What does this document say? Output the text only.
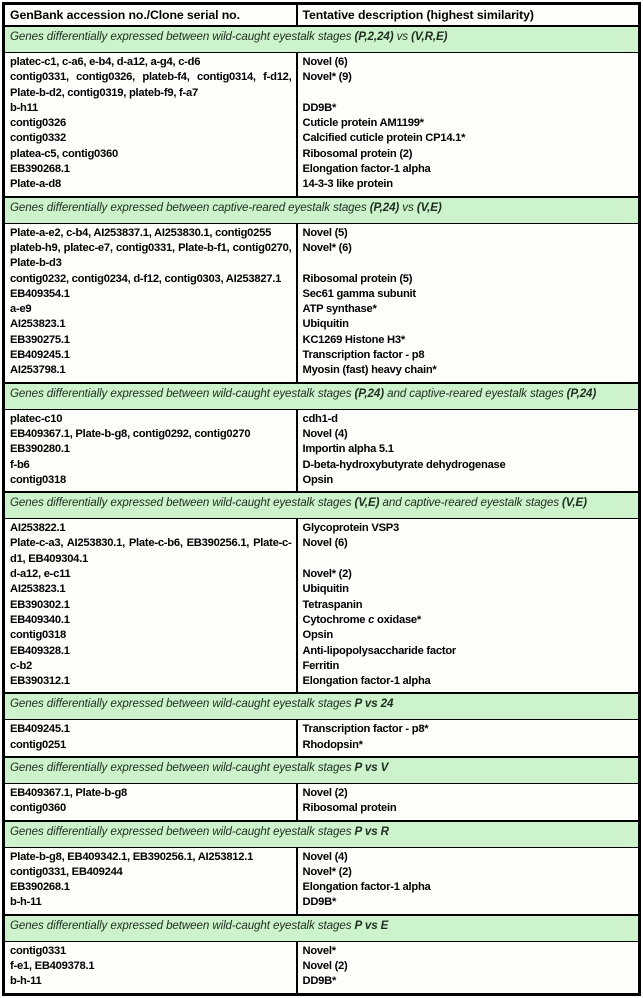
GenBank accession no./Clone serial no.	Tentative description (highest similarity)
Genes differentially expressed between wild-caught eyestalk stages (P,2,24) vs (V,R,E)	
platec-c1, c-a6, e-b4, d-a12, a-g4, c-d6	Novel (6)
contig0331, contig0326, plateb-f4, contig0314, f-d12, Plate-b-d2, contig0319, plateb-f9, f-a7	Novel* (9)
b-h11	DD9B*
contig0326	Cuticle protein AM1199*
contig0332	Calcified cuticle protein CP14.1*
platea-c5, contig0360	Ribosomal protein (2)
EB390268.1	Elongation factor-1 alpha
Plate-a-d8	14-3-3 like protein
Genes differentially expressed between captive-reared eyestalk stages (P,24) vs (V,E)	
Plate-a-e2, c-b4, AI253837.1, AI253830.1, contig0255	Novel (5)
plateb-h9, platec-e7, contig0331, Plate-b-f1, contig0270, Plate-b-d3	Novel* (6)
contig0232, contig0234, d-f12, contig0303, AI253827.1	Ribosomal protein (5)
EB409354.1	Sec61 gamma subunit
a-e9	ATP synthase*
AI253823.1	Ubiquitin
EB390275.1	KC1269 Histone H3*
EB409245.1	Transcription factor - p8
AI253798.1	Myosin (fast) heavy chain*
Genes differentially expressed between wild-caught eyestalk stages (P,24) and captive-reared eyestalk stages (P,24)	
platec-c10	cdh1-d
EB409367.1, Plate-b-g8, contig0292, contig0270	Novel (4)
EB390280.1	Importin alpha 5.1
f-b6	D-beta-hydroxybutyrate dehydrogenase
contig0318	Opsin
Genes differentially expressed between wild-caught eyestalk stages (V,E) and captive-reared eyestalk stages (V,E)	
AI253822.1	Glycoprotein VSP3
Plate-c-a3, AI253830.1, Plate-c-b6, EB390256.1, Plate-c-d1, EB409304.1	Novel (6)
d-a12, e-c11	Novel* (2)
AI253823.1	Ubiquitin
EB390302.1	Tetraspanin
EB409340.1	Cytochrome c oxidase*
contig0318	Opsin
EB409328.1	Anti-lipopolysaccharide factor
c-b2	Ferritin
EB390312.1	Elongation factor-1 alpha
Genes differentially expressed between wild-caught eyestalk stages P vs 24	
EB409245.1	Transcription factor - p8*
contig0251	Rhodopsin*
Genes differentially expressed between wild-caught eyestalk stages P vs V	
EB409367.1, Plate-b-g8	Novel (2)
contig0360	Ribosomal protein
Genes differentially expressed between wild-caught eyestalk stages P vs R	
Plate-b-g8, EB409342.1, EB390256.1, AI253812.1	Novel (4)
contig0331, EB409244	Novel* (2)
EB390268.1	Elongation factor-1 alpha
b-h-11	DD9B*
Genes differentially expressed between wild-caught eyestalk stages P vs E	
contig0331	Novel*
f-e1, EB409378.1	Novel (2)
b-h-11	DD9B*
